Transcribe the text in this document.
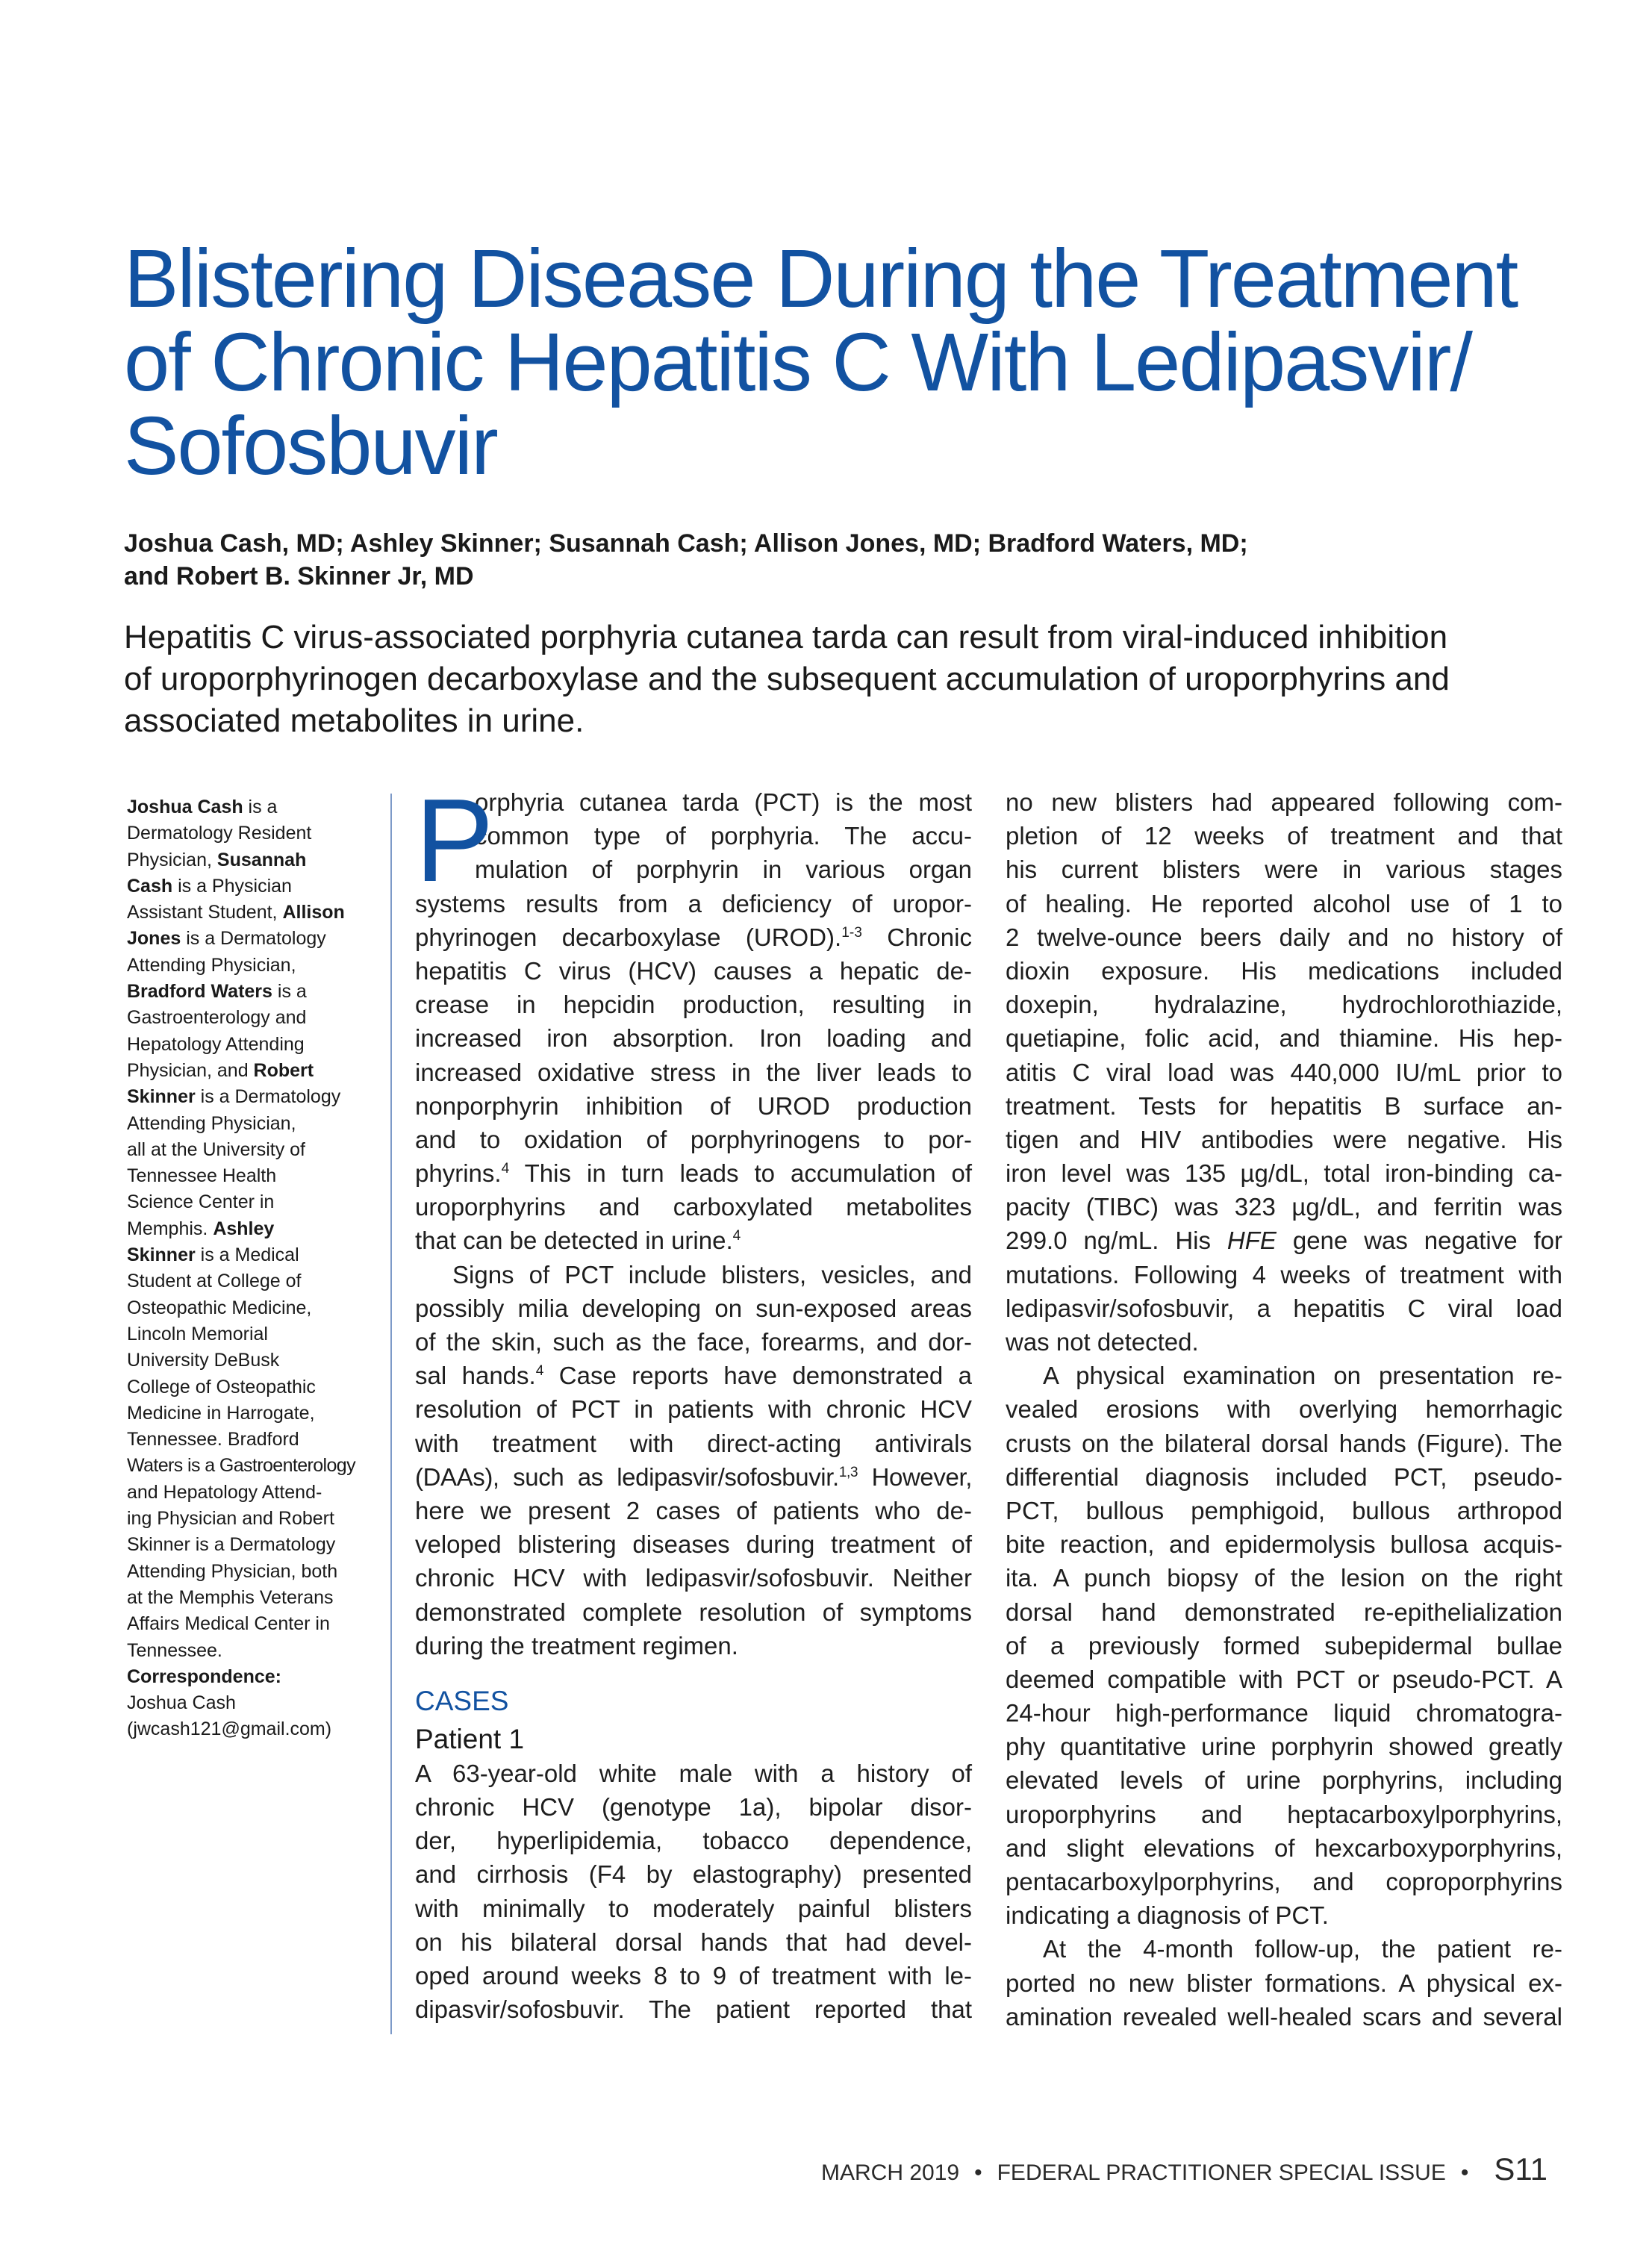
Blistering Disease During the Treatment
of Chronic Hepatitis C With Ledipasvir/
Sofosbuvir

Joshua Cash, MD; Ashley Skinner; Susannah Cash; Allison Jones, MD; Bradford Waters, MD;
and Robert B. Skinner Jr, MD

Hepatitis C virus-associated porphyria cutanea tarda can result from viral-induced inhibition
of uroporphyrinogen decarboxylase and the subsequent accumulation of uroporphyrins and
associated metabolites in urine.

Joshua Cash is a
Dermatology Resident
Physician, Susannah
Cash is a Physician
Assistant Student, Allison
Jones is a Dermatology
Attending Physician,
Bradford Waters is a
Gastroenterology and
Hepatology Attending
Physician, and Robert
Skinner is a Dermatology
Attending Physician,
all at the University of
Tennessee Health
Science Center in
Memphis. Ashley
Skinner is a Medical
Student at College of
Osteopathic Medicine,
Lincoln Memorial
University DeBusk
College of Osteopathic
Medicine in Harrogate,
Tennessee. Bradford
Waters is a Gastroenterology
and Hepatology Attend-
ing Physician and Robert
Skinner is a Dermatology
Attending Physician, both
at the Memphis Veterans
Affairs Medical Center in
Tennessee.
Correspondence:
Joshua Cash
(jwcash121@gmail.com)
P
orphyria cutanea tarda (PCT) is the most
common type of porphyria. The accu-
mulation of porphyrin in various organ
systems results from a deficiency of uropor-
phyrinogen decarboxylase (UROD).$^{1-3}$ Chronic
hepatitis C virus (HCV) causes a hepatic de-
crease in hepcidin production, resulting in
increased iron absorption. Iron loading and
increased oxidative stress in the liver leads to
nonporphyrin inhibition of UROD production
and to oxidation of porphyrinogens to por-
phyrins.$^4$ This in turn leads to accumulation of
uroporphyrins and carboxylated metabolites
that can be detected in urine.$^4$
Signs of PCT include blisters, vesicles, and
possibly milia developing on sun-exposed areas
of the skin, such as the face, forearms, and dor-
sal hands.$^4$ Case reports have demonstrated a
resolution of PCT in patients with chronic HCV
with treatment with direct-acting antivirals
(DAAs), such as ledipasvir/sofosbuvir.$^{1,3}$ However,
here we present 2 cases of patients who de-
veloped blistering diseases during treatment of
chronic HCV with ledipasvir/sofosbuvir. Neither
demonstrated complete resolution of symptoms
during the treatment regimen.
CASES
Patient 1
A 63-year-old white male with a history of
chronic HCV (genotype 1a), bipolar disor-
der, hyperlipidemia, tobacco dependence,
and cirrhosis (F4 by elastography) presented
with minimally to moderately painful blisters
on his bilateral dorsal hands that had devel-
oped around weeks 8 to 9 of treatment with le-
dipasvir/sofosbuvir. The patient reported that
no new blisters had appeared following com-
pletion of 12 weeks of treatment and that
his current blisters were in various stages
of healing. He reported alcohol use of 1 to
2 twelve-ounce beers daily and no history of
dioxin exposure. His medications included
doxepin, hydralazine, hydrochlorothiazide,
quetiapine, folic acid, and thiamine. His hep-
atitis C viral load was 440,000 IU/mL prior to
treatment. Tests for hepatitis B surface an-
tigen and HIV antibodies were negative. His
iron level was 135 µg/dL, total iron-binding ca-
pacity (TIBC) was 323 µg/dL, and ferritin was
299.0 ng/mL. His HFE gene was negative for
mutations. Following 4 weeks of treatment with
ledipasvir/sofosbuvir, a hepatitis C viral load
was not detected.
A physical examination on presentation re-
vealed erosions with overlying hemorrhagic
crusts on the bilateral dorsal hands (Figure). The
differential diagnosis included PCT, pseudo-
PCT, bullous pemphigoid, bullous arthropod
bite reaction, and epidermolysis bullosa acquis-
ita. A punch biopsy of the lesion on the right
dorsal hand demonstrated re-epithelialization
of a previously formed subepidermal bullae
deemed compatible with PCT or pseudo-PCT. A
24-hour high-performance liquid chromatogra-
phy quantitative urine porphyrin showed greatly
elevated levels of urine porphyrins, including
uroporphyrins and heptacarboxylporphyrins,
and slight elevations of hexcarboxyporphyrins,
pentacarboxylporphyrins, and coproporphyrins
indicating a diagnosis of PCT.
At the 4-month follow-up, the patient re-
ported no new blister formations. A physical ex-
amination revealed well-healed scars and several
MARCH 2019 • FEDERAL PRACTITIONER SPECIAL ISSUE • S11
